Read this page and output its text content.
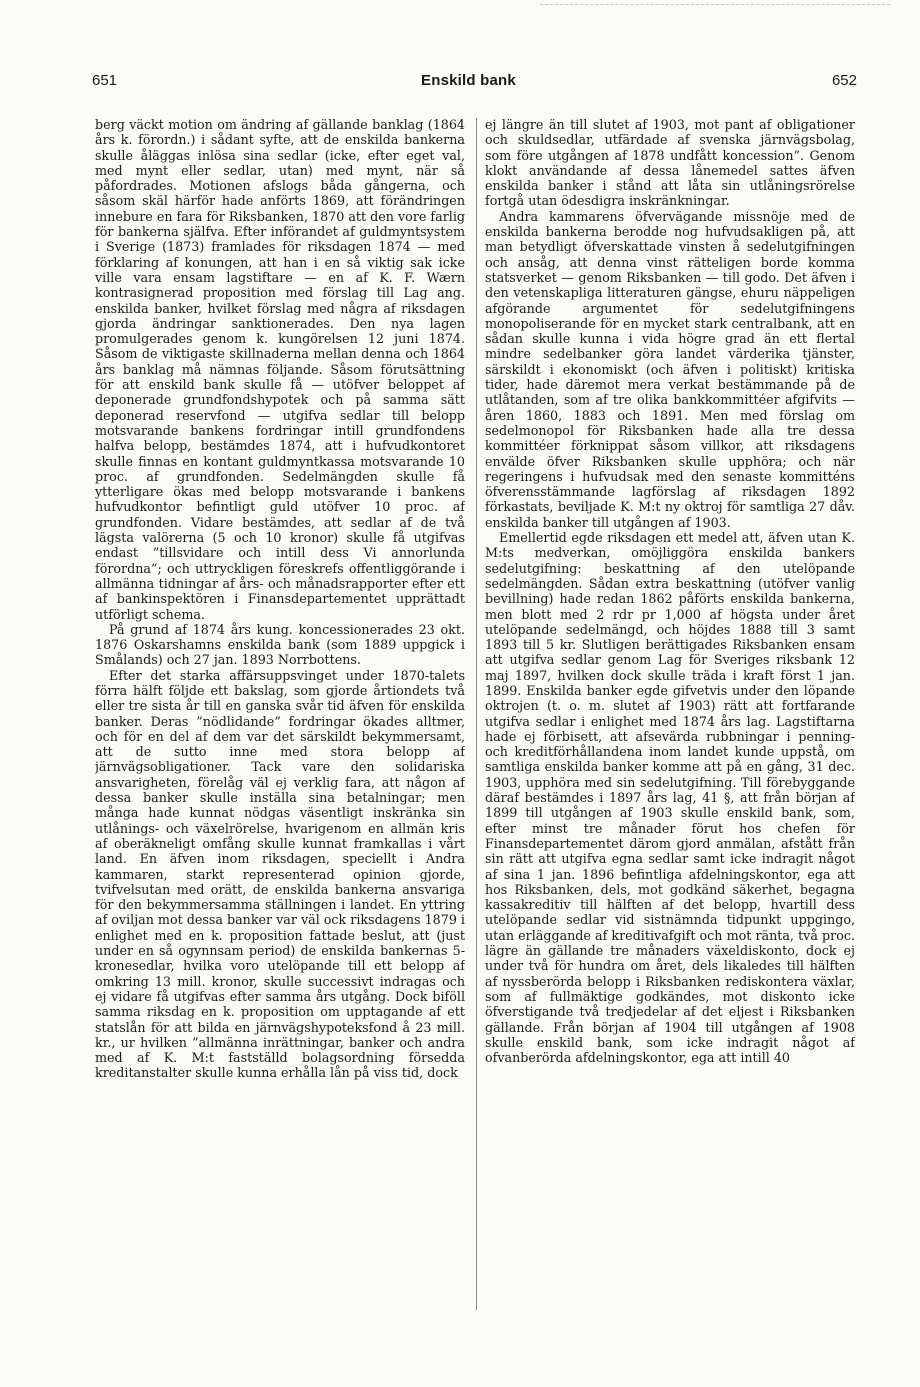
651	Enskild bank	652

berg väckt motion om ändring af gällande banklag (1864 års k. förordn.) i sådant syfte, att de enskilda bankerna skulle åläggas inlösa sina sedlar (icke, efter eget val, med mynt eller sedlar, utan) med mynt, när så påfordrades. Motionen afslogs båda gångerna, och såsom skäl härför hade anförts 1869, att förändringen innebure en fara för Riksbanken, 1870 att den vore farlig för bankerna själfva. Efter införandet af guldmyntsystem i Sverige (1873) framlades för riksdagen 1874 — med förklaring af konungen, att han i en så viktig sak icke ville vara ensam lagstiftare — en af K. F. Wærn kontrasignerad proposition med förslag till Lag ang. enskilda banker, hvilket förslag med några af riksdagen gjorda ändringar sanktionerades. Den nya lagen promulgerades genom k. kungörelsen 12 juni 1874. Såsom de viktigaste skillnaderna mellan denna och 1864 års banklag må nämnas följande. Såsom förutsättning för att enskild bank skulle få — utöfver beloppet af deponerade grundfondshypotek och på samma sätt deponerad reservfond — utgifva sedlar till belopp motsvarande bankens fordringar intill grundfondens halfva belopp, bestämdes 1874, att i hufvudkontoret skulle finnas en kontant guldmyntkassa motsvarande 10 proc. af grundfonden. Sedelmängden skulle få ytterligare ökas med belopp motsvarande i bankens hufvudkontor befintligt guld utöfver 10 proc. af grundfonden. Vidare bestämdes, att sedlar af de två lägsta valörerna (5 och 10 kronor) skulle få utgifvas endast ”tillsvidare och intill dess Vi annorlunda förordna”; och uttryckligen föreskrefs offentliggörande i allmänna tidningar af års- och månadsrapporter efter ett af bankinspektören i Finansdepartementet upprättadt utförligt schema.

På grund af 1874 års kung. koncessionerades 23 okt. 1876 Oskarshamns enskilda bank (som 1889 uppgick i Smålands) och 27 jan. 1893 Norrbottens.

Efter det starka affärsuppsvinget under 1870-talets förra hälft följde ett bakslag, som gjorde årtiondets två eller tre sista år till en ganska svår tid äfven för enskilda banker. Deras ”nödlidande” fordringar ökades alltmer, och för en del af dem var det särskildt bekymmersamt, att de sutto inne med stora belopp af järnvägsobligationer. Tack vare den solidariska ansvarigheten, förelåg väl ej verklig fara, att någon af dessa banker skulle inställa sina betalningar; men många hade kunnat nödgas väsentligt inskränka sin utlånings- och växelrörelse, hvarigenom en allmän kris af oberäkneligt omfång skulle kunnat framkallas i vårt land. En äfven inom riksdagen, speciellt i Andra kammaren, starkt representerad opinion gjorde, tvifvelsutan med orätt, de enskilda bankerna ansvariga för den bekymmersamma ställningen i landet. En yttring af oviljan mot dessa banker var väl ock riksdagens 1879 i enlighet med en k. proposition fattade beslut, att (just under en så ogynnsam period) de enskilda bankernas 5-kronesedlar, hvilka voro utelöpande till ett belopp af omkring 13 mill. kronor, skulle successivt indragas och ej vidare få utgifvas efter samma års utgång. Dock biföll samma riksdag en k. proposition om upptagande af ett statslån för att bilda en järnvägshypoteksfond å 23 mill. kr., ur hvilken ”allmänna inrättningar, banker och andra med af K. M:t fastställd bolagsordning försedda kreditanstalter skulle kunna erhålla lån på viss tid, dock

ej längre än till slutet af 1903, mot pant af obligationer och skuldsedlar, utfärdade af svenska järnvägsbolag, som före utgången af 1878 undfått koncession”. Genom klokt användande af dessa lånemedel sattes äfven enskilda banker i stånd att låta sin utlåningsrörelse fortgå utan ödesdigra inskränkningar.

Andra kammarens öfvervägande missnöje med de enskilda bankerna berodde nog hufvudsakligen på, att man betydligt öfverskattade vinsten å sedelutgifningen och ansåg, att denna vinst rätteligen borde komma statsverket — genom Riksbanken — till godo. Det äfven i den vetenskapliga litteraturen gängse, ehuru näppeligen afgörande argumentet för sedelutgifningens monopoliserande för en mycket stark centralbank, att en sådan skulle kunna i vida högre grad än ett flertal mindre sedelbanker göra landet värderika tjänster, särskildt i ekonomiskt (och äfven i politiskt) kritiska tider, hade däremot mera verkat bestämmande på de utlåtanden, som af tre olika bankkommittéer afgifvits — åren 1860, 1883 och 1891. Men med förslag om sedelmonopol för Riksbanken hade alla tre dessa kommittéer förknippat såsom villkor, att riksdagens envälde öfver Riksbanken skulle upphöra; och när regeringens i hufvudsak med den senaste kommitténs öfverensstämmande lagförslag af riksdagen 1892 förkastats, beviljade K. M:t ny oktroj för samtliga 27 dåv. enskilda banker till utgången af 1903.

Emellertid egde riksdagen ett medel att, äfven utan K. M:ts medverkan, omöjliggöra enskilda bankers sedelutgifning: beskattning af den utelöpande sedelmängden. Sådan extra beskattning (utöfver vanlig bevillning) hade redan 1862 påförts enskilda bankerna, men blott med 2 rdr pr 1,000 af högsta under året utelöpande sedelmängd, och höjdes 1888 till 3 samt 1893 till 5 kr. Slutligen berättigades Riksbanken ensam att utgifva sedlar genom Lag för Sveriges riksbank 12 maj 1897, hvilken dock skulle träda i kraft först 1 jan. 1899. Enskilda banker egde gifvetvis under den löpande oktrojen (t. o. m. slutet af 1903) rätt att fortfarande utgifva sedlar i enlighet med 1874 års lag. Lagstiftarna hade ej förbisett, att afsevärda rubbningar i penning- och kreditförhållandena inom landet kunde uppstå, om samtliga enskilda banker komme att på en gång, 31 dec. 1903, upphöra med sin sedelutgifning. Till förebyggande däraf bestämdes i 1897 års lag, 41 §, att från början af 1899 till utgången af 1903 skulle enskild bank, som, efter minst tre månader förut hos chefen för Finansdepartementet därom gjord anmälan, afstått från sin rätt att utgifva egna sedlar samt icke indragit något af sina 1 jan. 1896 befintliga afdelningskontor, ega att hos Riksbanken, dels, mot godkänd säkerhet, begagna kassakreditiv till hälften af det belopp, hvartill dess utelöpande sedlar vid sistnämnda tidpunkt uppgingo, utan erläggande af kreditivafgift och mot ränta, två proc. lägre än gällande tre månaders växeldiskonto, dock ej under två för hundra om året, dels likaledes till hälften af nyssberörda belopp i Riksbanken rediskontera växlar, som af fullmäktige godkändes, mot diskonto icke öfverstigande två tredjedelar af det eljest i Riksbanken gällande. Från början af 1904 till utgången af 1908 skulle enskild bank, som icke indragit något af ofvanberörda afdelningskontor, ega att intill 40
